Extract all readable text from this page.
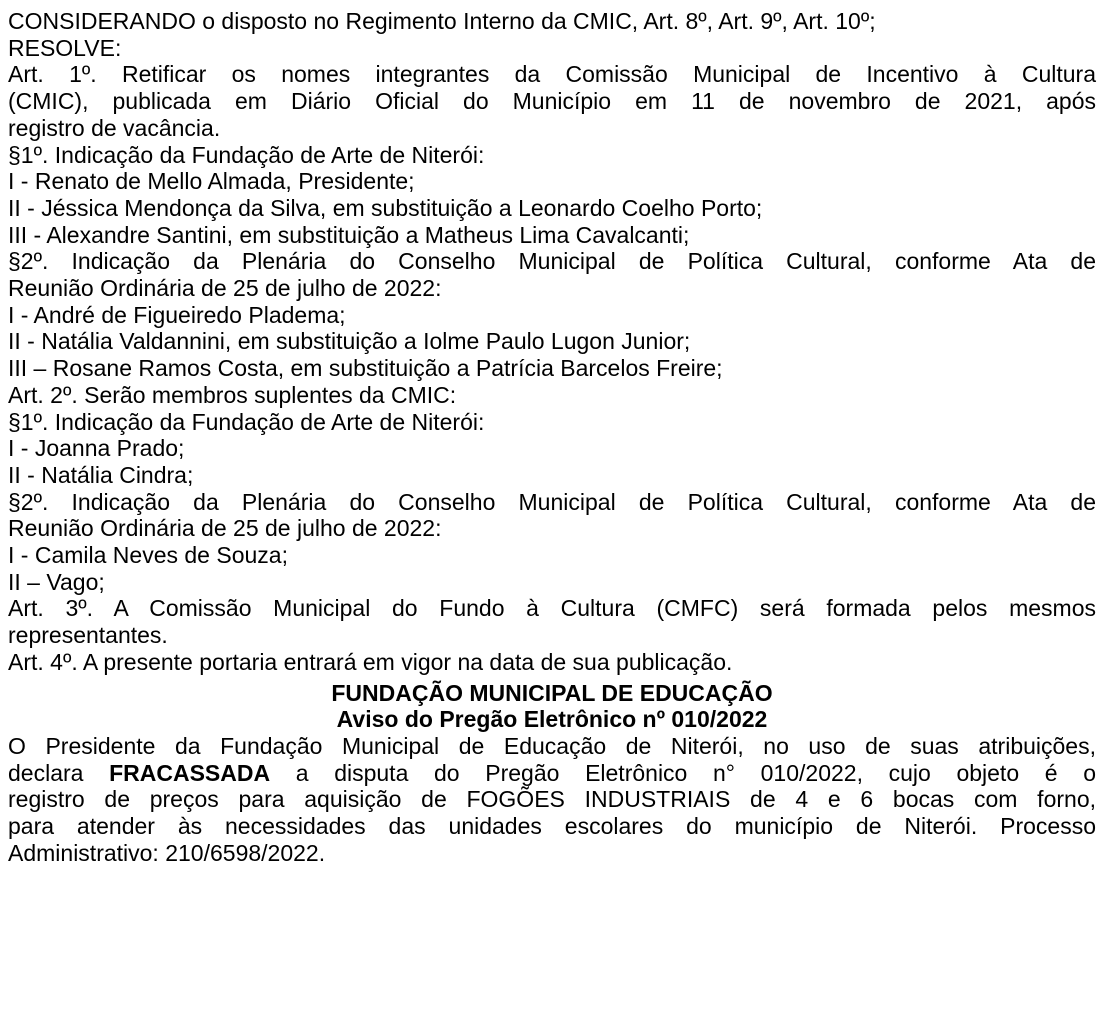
CONSIDERANDO o disposto no Regimento Interno da CMIC, Art. 8º, Art. 9º, Art. 10º;
RESOLVE:
Art. 1º. Retificar os nomes integrantes da Comissão Municipal de Incentivo à Cultura
(CMIC), publicada em Diário Oficial do Município em 11 de novembro de 2021, após
registro de vacância.
§1º. Indicação da Fundação de Arte de Niterói:
I - Renato de Mello Almada, Presidente;
II - Jéssica Mendonça da Silva, em substituição a Leonardo Coelho Porto;
III - Alexandre Santini, em substituição a Matheus Lima Cavalcanti;
§2º. Indicação da Plenária do Conselho Municipal de Política Cultural, conforme Ata de
Reunião Ordinária de 25 de julho de 2022:
I - André de Figueiredo Pladema;
II - Natália Valdannini, em substituição a Iolme Paulo Lugon Junior;
III – Rosane Ramos Costa, em substituição a Patrícia Barcelos Freire;
Art. 2º. Serão membros suplentes da CMIC:
§1º. Indicação da Fundação de Arte de Niterói:
I - Joanna Prado;
II - Natália Cindra;
§2º. Indicação da Plenária do Conselho Municipal de Política Cultural, conforme Ata de
Reunião Ordinária de 25 de julho de 2022:
I - Camila Neves de Souza;
II – Vago;
Art. 3º. A Comissão Municipal do Fundo à Cultura (CMFC) será formada pelos mesmos
representantes.
Art. 4º. A presente portaria entrará em vigor na data de sua publicação.
FUNDAÇÃO MUNICIPAL DE EDUCAÇÃO
Aviso do Pregão Eletrônico nº 010/2022
O Presidente da Fundação Municipal de Educação de Niterói, no uso de suas atribuições,
declara FRACASSADA a disputa do Pregão Eletrônico n° 010/2022, cujo objeto é o
registro de preços para aquisição de FOGÕES INDUSTRIAIS de 4 e 6 bocas com forno,
para atender às necessidades das unidades escolares do município de Niterói. Processo
Administrativo: 210/6598/2022.
